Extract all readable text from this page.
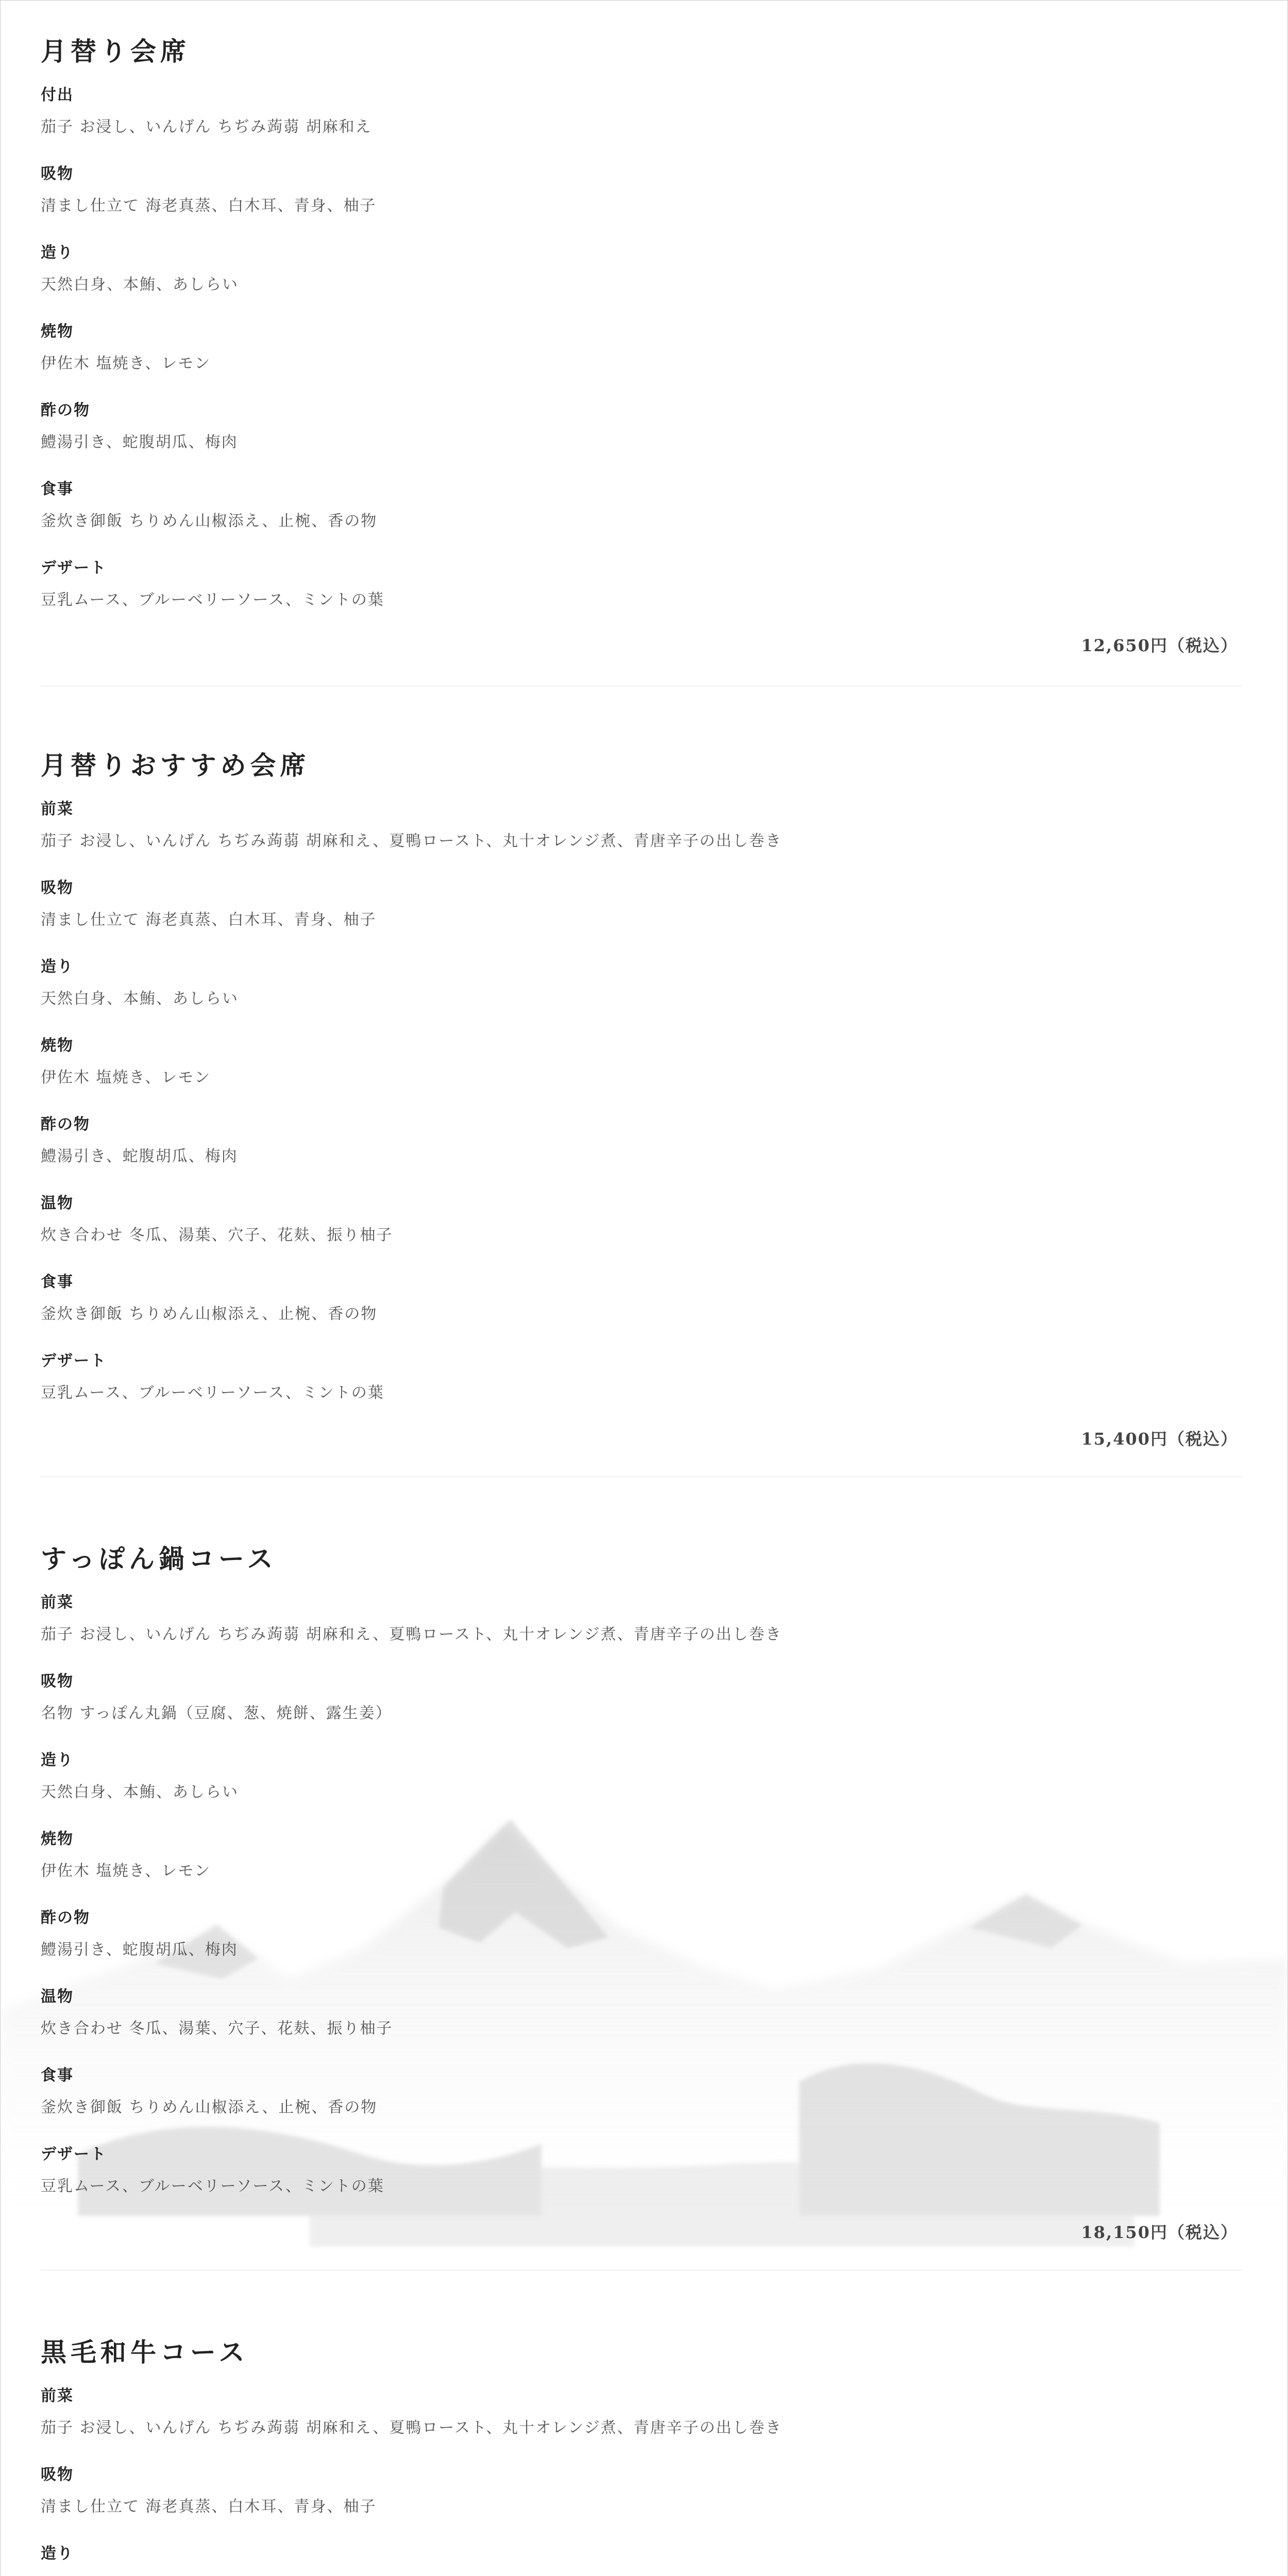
月替り会席
付出
茄子 お浸し、いんげん ちぢみ蒟蒻 胡麻和え
吸物
清まし仕立て 海老真蒸、白木耳、青身、柚子
造り
天然白身、本鮪、あしらい
焼物
伊佐木 塩焼き、レモン
酢の物
鱧湯引き、蛇腹胡瓜、梅肉
食事
釜炊き御飯 ちりめん山椒添え、止椀、香の物
デザート
豆乳ムース、ブルーベリーソース、ミントの葉
12,650円（税込）
月替りおすすめ会席
前菜
茄子 お浸し、いんげん ちぢみ蒟蒻 胡麻和え、夏鴨ロースト、丸十オレンジ煮、青唐辛子の出し巻き
吸物
清まし仕立て 海老真蒸、白木耳、青身、柚子
造り
天然白身、本鮪、あしらい
焼物
伊佐木 塩焼き、レモン
酢の物
鱧湯引き、蛇腹胡瓜、梅肉
温物
炊き合わせ 冬瓜、湯葉、穴子、花麸、振り柚子
食事
釜炊き御飯 ちりめん山椒添え、止椀、香の物
デザート
豆乳ムース、ブルーベリーソース、ミントの葉
15,400円（税込）
すっぽん鍋コース
前菜
茄子 お浸し、いんげん ちぢみ蒟蒻 胡麻和え、夏鴨ロースト、丸十オレンジ煮、青唐辛子の出し巻き
吸物
名物 すっぽん丸鍋（豆腐、葱、焼餅、露生姜）
造り
天然白身、本鮪、あしらい
焼物
伊佐木 塩焼き、レモン
酢の物
鱧湯引き、蛇腹胡瓜、梅肉
温物
炊き合わせ 冬瓜、湯葉、穴子、花麸、振り柚子
食事
釜炊き御飯 ちりめん山椒添え、止椀、香の物
デザート
豆乳ムース、ブルーベリーソース、ミントの葉
18,150円（税込）
黒毛和牛コース
前菜
茄子 お浸し、いんげん ちぢみ蒟蒻 胡麻和え、夏鴨ロースト、丸十オレンジ煮、青唐辛子の出し巻き
吸物
清まし仕立て 海老真蒸、白木耳、青身、柚子
造り
